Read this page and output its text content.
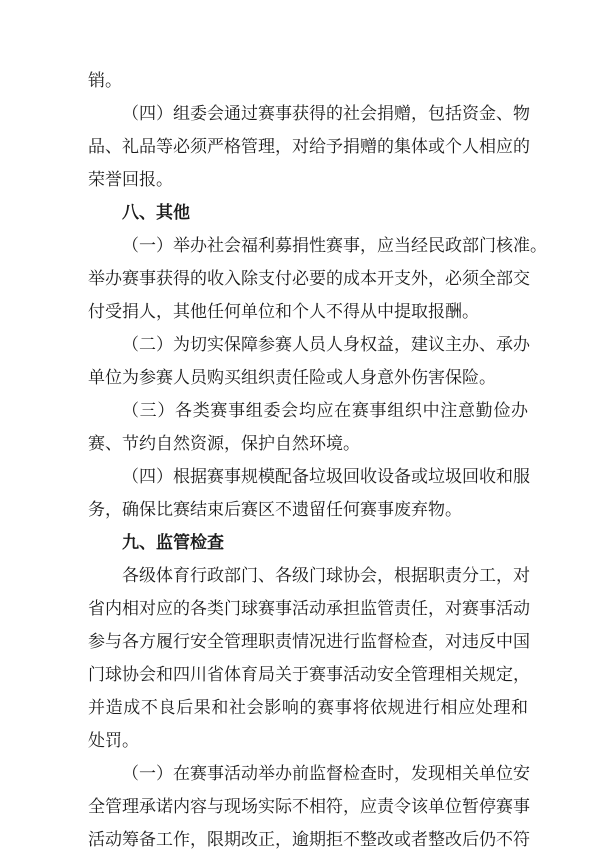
销。
（四）组委会通过赛事获得的社会捐赠，包括资金、物
品、礼品等必须严格管理，对给予捐赠的集体或个人相应的
荣誉回报。
八、其他
（一）举办社会福利募捐性赛事，应当经民政部门核准。
举办赛事获得的收入除支付必要的成本开支外，必须全部交
付受捐人，其他任何单位和个人不得从中提取报酬。
（二）为切实保障参赛人员人身权益，建议主办、承办
单位为参赛人员购买组织责任险或人身意外伤害保险。
（三）各类赛事组委会均应在赛事组织中注意勤俭办
赛、节约自然资源，保护自然环境。
（四）根据赛事规模配备垃圾回收设备或垃圾回收和服
务，确保比赛结束后赛区不遗留任何赛事废弃物。
九、监管检查
各级体育行政部门、各级门球协会，根据职责分工，对
省内相对应的各类门球赛事活动承担监管责任，对赛事活动
参与各方履行安全管理职责情况进行监督检查，对违反中国
门球协会和四川省体育局关于赛事活动安全管理相关规定，
并造成不良后果和社会影响的赛事将依规进行相应处理和
处罚。
（一）在赛事活动举办前监督检查时，发现相关单位安
全管理承诺内容与现场实际不相符，应责令该单位暂停赛事
活动筹备工作，限期改正，逾期拒不整改或者整改后仍不符
